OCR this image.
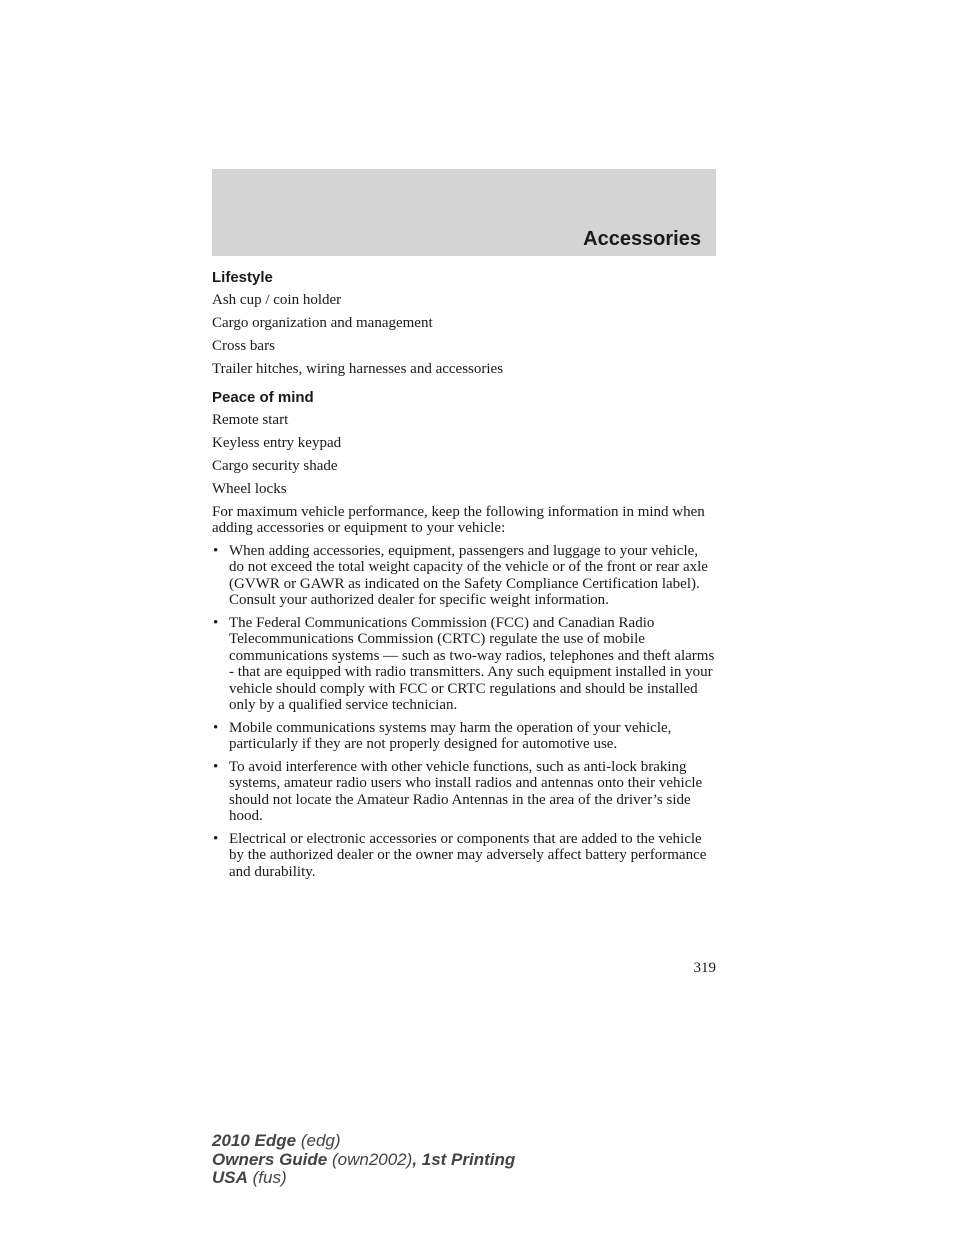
Accessories
Lifestyle
Ash cup / coin holder
Cargo organization and management
Cross bars
Trailer hitches, wiring harnesses and accessories
Peace of mind
Remote start
Keyless entry keypad
Cargo security shade
Wheel locks

For maximum vehicle performance, keep the following information in mind when adding accessories or equipment to your vehicle:

• When adding accessories, equipment, passengers and luggage to your vehicle, do not exceed the total weight capacity of the vehicle or of the front or rear axle (GVWR or GAWR as indicated on the Safety Compliance Certification label). Consult your authorized dealer for specific weight information.
• The Federal Communications Commission (FCC) and Canadian Radio Telecommunications Commission (CRTC) regulate the use of mobile communications systems — such as two-way radios, telephones and theft alarms - that are equipped with radio transmitters. Any such equipment installed in your vehicle should comply with FCC or CRTC regulations and should be installed only by a qualified service technician.
• Mobile communications systems may harm the operation of your vehicle, particularly if they are not properly designed for automotive use.
• To avoid interference with other vehicle functions, such as anti-lock braking systems, amateur radio users who install radios and antennas onto their vehicle should not locate the Amateur Radio Antennas in the area of the driver’s side hood.
• Electrical or electronic accessories or components that are added to the vehicle by the authorized dealer or the owner may adversely affect battery performance and durability.

319

2010 Edge (edg)
Owners Guide (own2002), 1st Printing
USA (fus)
